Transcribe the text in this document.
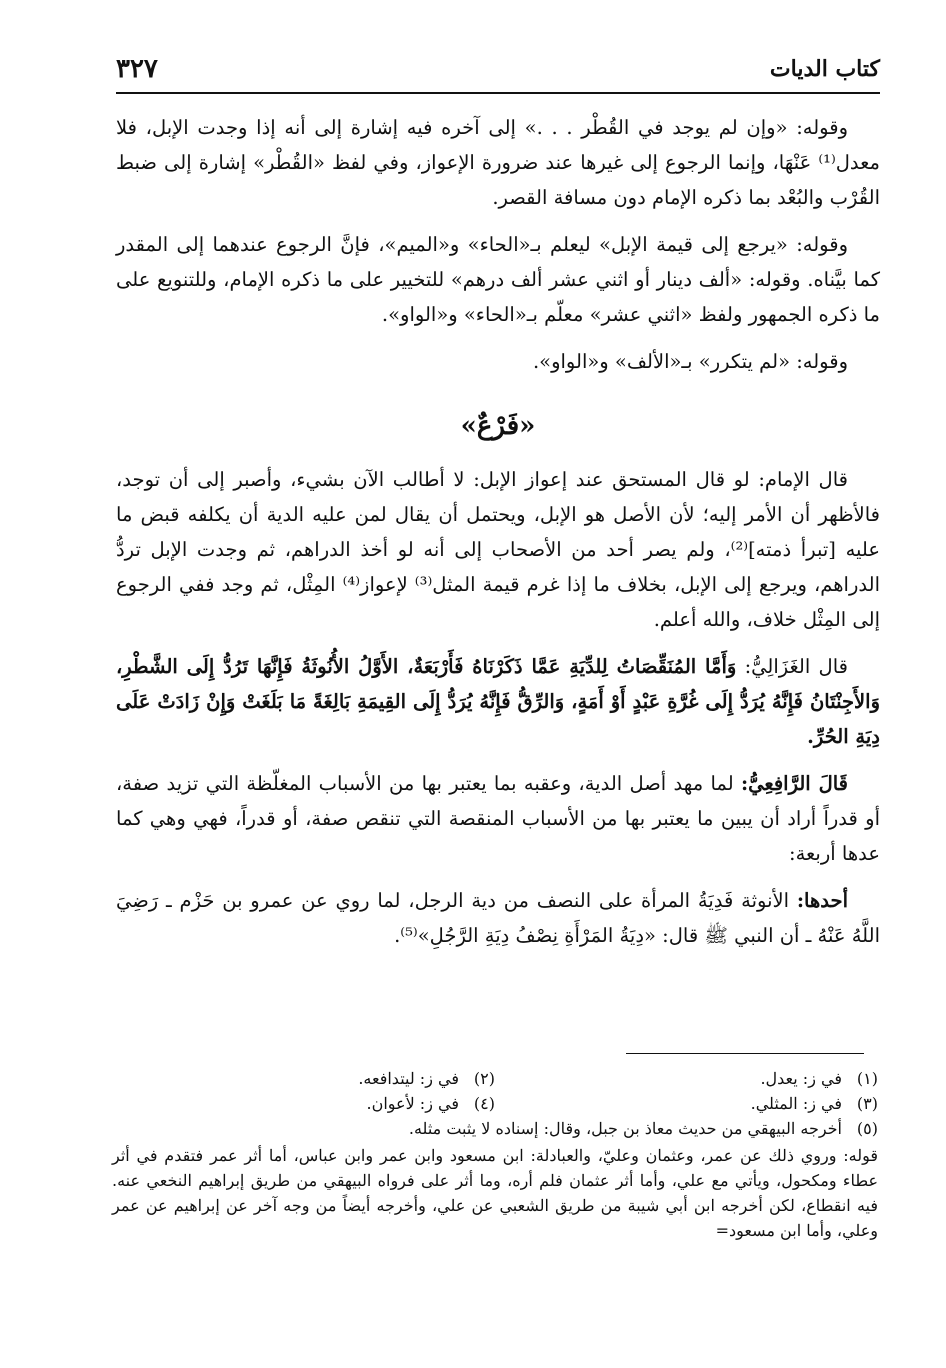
كتاب الديات
٣٢٧

وقوله: «وإن لم يوجد في القُطْر . . .» إلى آخره فيه إشارة إلى أنه إذا وجدت الإبل، فلا معدل⁽¹⁾ عَنْهَا، وإنما الرجوع إلى غيرها عند ضرورة الإعواز، وفي لفظ «القُطْر» إشارة إلى ضبط القُرْب والبُعْد بما ذكره الإمام دون مسافة القصر.

وقوله: «يرجع إلى قيمة الإبل» ليعلم بـ«الحاء» و«الميم»، فإنَّ الرجوع عندهما إلى المقدر كما بيَّناه. وقوله: «ألف دينار أو اثني عشر ألف درهم» للتخيير على ما ذكره الإمام، وللتنويع على ما ذكره الجمهور ولفظ «اثني عشر» معلّم بـ«الحاء» و«الواو».

وقوله: «لم يتكرر» بـ«الألف» و«الواو».

«فَرْعٌ»

قال الإمام: لو قال المستحق عند إعواز الإبل: لا أطالب الآن بشيء، وأصبر إلى أن توجد، فالأظهر أن الأمر إليه؛ لأن الأصل هو الإبل، ويحتمل أن يقال لمن عليه الدية أن يكلفه قبض ما عليه [تبرأ ذمته]⁽²⁾، ولم يصر أحد من الأصحاب إلى أنه لو أخذ الدراهم، ثم وجدت الإبل تردُّ الدراهم، ويرجع إلى الإبل، بخلاف ما إذا غرم قيمة المثل⁽³⁾ لإعواز⁽⁴⁾ المِثْل، ثم وجد ففي الرجوع إلى المِثْل خلاف، والله أعلم.

قال الغَزَالِيُّ: وَأَمَّا المُنَقِّصَاتُ لِلدِّيَةِ عَمَّا ذَكَرْنَاهُ فَأَرْبَعَةٌ، الأَوَّلُ الأُنُوثَةُ فَإِنَّهَا تَرُدُّ إِلَى الشَّطْرِ، وَالأَجِنْتَانُ فَإِنَّهُ يُرَدُّ إِلَى غُرَّةِ عَبْدٍ أَوْ أَمَةٍ، وَالرِّقُّ فَإِنَّهُ يُرَدُّ إِلَى القِيمَةِ بَالِغَةً مَا بَلَغَتْ وَإِنْ زَادَتْ عَلَى دِيَةِ الحُرِّ.

قَالَ الرَّافِعِيُّ: لما مهد أصل الدية، وعقبه بما يعتبر بها من الأسباب المغلّظة التي تزيد صفة، أو قدراً أراد أن يبين ما يعتبر بها من الأسباب المنقصة التي تنقص صفة، أو قدراً، فهي وهي كما عدها أربعة:

أحدها: الأنوثة فَدِيَةُ المرأة على النصف من دية الرجل، لما روي عن عمرو بن حَزْم ـ رَضِيَ اللَّهُ عَنْهُ ـ أن النبي ﷺ قال: «دِيَةُ المَرْأَةِ نِصْفُ دِيَةِ الرَّجُلِ»⁽⁵⁾.

(١)في ز: يعدل.
(٢)في ز: ليتدافعه.
(٣)في ز: المثلي.
(٤)في ز: لأعوان.
(٥)أخرجه البيهقي من حديث معاذ بن جبل، وقال: إسناده لا يثبت مثله.
قوله: وروي ذلك عن عمر، وعثمان وعليّ، والعبادلة: ابن مسعود وابن عمر وابن عباس، أما أثر عمر فتقدم في أثر عطاء ومكحول، ويأتي مع علي، وأما أثر عثمان فلم أره، وما أثر على فرواه البيهقي من طريق إبراهيم النخعي عنه. فيه انقطاع، لكن أخرجه ابن أبي شيبة من طريق الشعبي عن علي، وأخرجه أيضاً من وجه آخر عن إبراهيم عن عمر وعلي، وأما ابن مسعود=
